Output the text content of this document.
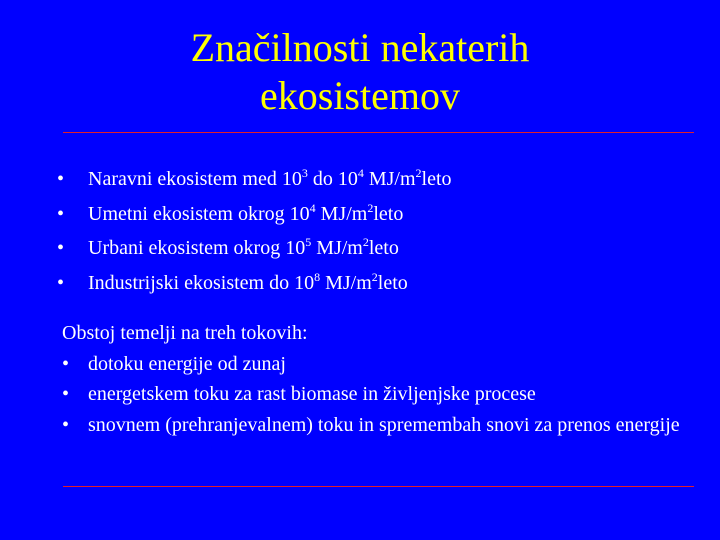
Značilnosti nekaterih
ekosistemov
• Naravni ekosistem med $10^3$ do $10^4$ $MJ/m^2leto$
• Umetni ekosistem okrog $10^4$ $MJ/m^2leto$
• Urbani ekosistem okrog $10^5$ $MJ/m^2leto$
• Industrijski ekosistem do $10^8$ $MJ/m^2leto$
Obstoj temelji na treh tokovih:
• dotoku energije od zunaj
• energetskem toku za rast biomase in življenjske procese
• snovnem (prehranjevalnem) toku in spremembah snovi za prenos energije
